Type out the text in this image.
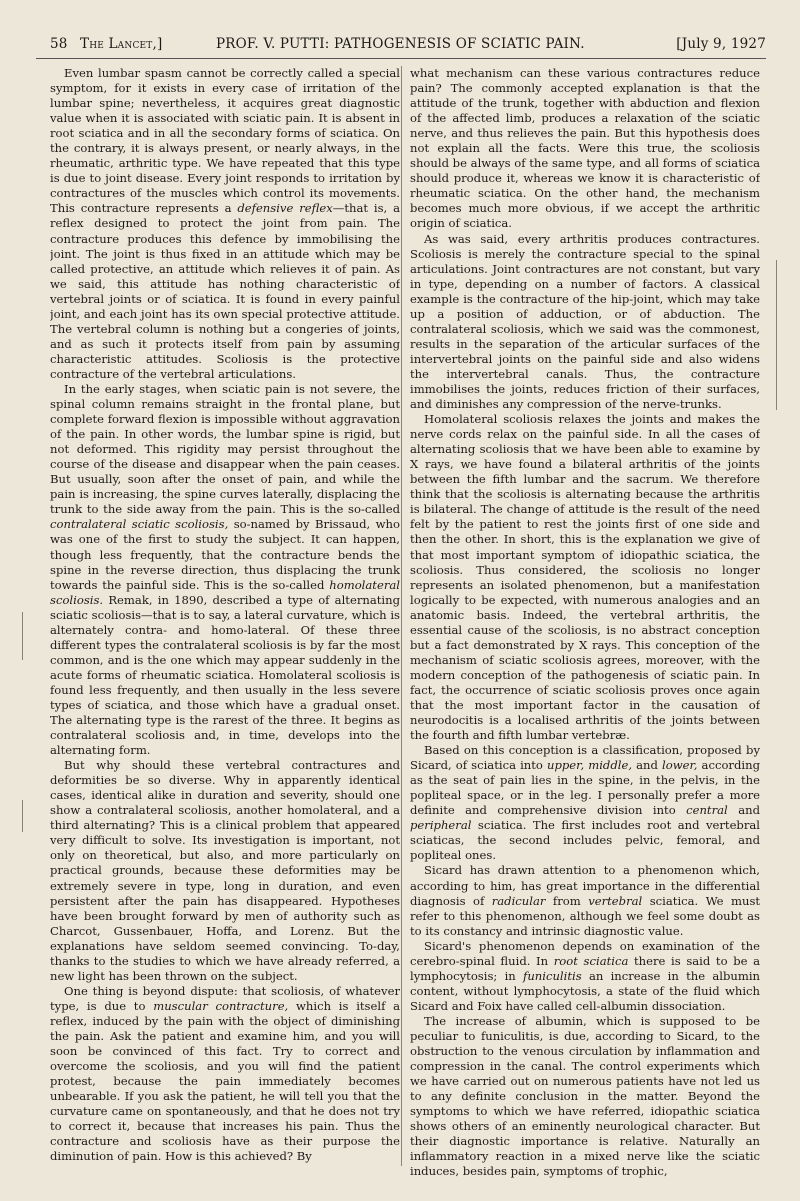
58 The Lancet,]	PROF. V. PUTTI: PATHOGENESIS OF SCIATIC PAIN.	[July 9, 1927

Even lumbar spasm cannot be correctly called a special symptom, for it exists in every case of irritation of the lumbar spine; nevertheless, it acquires great diagnostic value when it is associated with sciatic pain. It is absent in root sciatica and in all the secondary forms of sciatica. On the contrary, it is always present, or nearly always, in the rheumatic, arthritic type. We have repeated that this type is due to joint disease. Every joint responds to irritation by contractures of the muscles which control its movements. This contracture represents a defensive reflex—that is, a reflex designed to protect the joint from pain. The contracture produces this defence by immobilising the joint. The joint is thus fixed in an attitude which may be called protective, an attitude which relieves it of pain. As we said, this attitude has nothing characteristic of vertebral joints or of sciatica. It is found in every painful joint, and each joint has its own special protective attitude. The vertebral column is nothing but a congeries of joints, and as such it protects itself from pain by assuming characteristic attitudes. Scoliosis is the protective contracture of the vertebral articulations.

In the early stages, when sciatic pain is not severe, the spinal column remains straight in the frontal plane, but complete forward flexion is impossible without aggravation of the pain. In other words, the lumbar spine is rigid, but not deformed. This rigidity may persist throughout the course of the disease and disappear when the pain ceases. But usually, soon after the onset of pain, and while the pain is increasing, the spine curves laterally, displacing the trunk to the side away from the pain. This is the so-called contralateral sciatic scoliosis, so-named by Brissaud, who was one of the first to study the subject. It can happen, though less frequently, that the contracture bends the spine in the reverse direction, thus displacing the trunk towards the painful side. This is the so-called homolateral scoliosis. Remak, in 1890, described a type of alternating sciatic scoliosis—that is to say, a lateral curvature, which is alternately contra- and homo-lateral. Of these three different types the contralateral scoliosis is by far the most common, and is the one which may appear suddenly in the acute forms of rheumatic sciatica. Homolateral scoliosis is found less frequently, and then usually in the less severe types of sciatica, and those which have a gradual onset. The alternating type is the rarest of the three. It begins as contralateral scoliosis and, in time, develops into the alternating form.

But why should these vertebral contractures and deformities be so diverse. Why in apparently identical cases, identical alike in duration and severity, should one show a contralateral scoliosis, another homolateral, and a third alternating? This is a clinical problem that appeared very difficult to solve. Its investigation is important, not only on theoretical, but also, and more particularly on practical grounds, because these deformities may be extremely severe in type, long in duration, and even persistent after the pain has disappeared. Hypotheses have been brought forward by men of authority such as Charcot, Gussenbauer, Hoffa, and Lorenz. But the explanations have seldom seemed convincing. To-day, thanks to the studies to which we have already referred, a new light has been thrown on the subject.

One thing is beyond dispute: that scoliosis, of whatever type, is due to muscular contracture, which is itself a reflex, induced by the pain with the object of diminishing the pain. Ask the patient and examine him, and you will soon be convinced of this fact. Try to correct and overcome the scoliosis, and you will find the patient protest, because the pain immediately becomes unbearable. If you ask the patient, he will tell you that the curvature came on spontaneously, and that he does not try to correct it, because that increases his pain. Thus the contracture and scoliosis have as their purpose the diminution of pain. How is this achieved? By

what mechanism can these various contractures reduce pain? The commonly accepted explanation is that the attitude of the trunk, together with abduction and flexion of the affected limb, produces a relaxation of the sciatic nerve, and thus relieves the pain. But this hypothesis does not explain all the facts. Were this true, the scoliosis should be always of the same type, and all forms of sciatica should produce it, whereas we know it is characteristic of rheumatic sciatica. On the other hand, the mechanism becomes much more obvious, if we accept the arthritic origin of sciatica.

As was said, every arthritis produces contractures. Scoliosis is merely the contracture special to the spinal articulations. Joint contractures are not constant, but vary in type, depending on a number of factors. A classical example is the contracture of the hip-joint, which may take up a position of adduction, or of abduction. The contralateral scoliosis, which we said was the commonest, results in the separation of the articular surfaces of the intervertebral joints on the painful side and also widens the intervertebral canals. Thus, the contracture immobilises the joints, reduces friction of their surfaces, and diminishes any compression of the nerve-trunks.

Homolateral scoliosis relaxes the joints and makes the nerve cords relax on the painful side. In all the cases of alternating scoliosis that we have been able to examine by X rays, we have found a bilateral arthritis of the joints between the fifth lumbar and the sacrum. We therefore think that the scoliosis is alternating because the arthritis is bilateral. The change of attitude is the result of the need felt by the patient to rest the joints first of one side and then the other. In short, this is the explanation we give of that most important symptom of idiopathic sciatica, the scoliosis. Thus considered, the scoliosis no longer represents an isolated phenomenon, but a manifestation logically to be expected, with numerous analogies and an anatomic basis. Indeed, the vertebral arthritis, the essential cause of the scoliosis, is no abstract conception but a fact demonstrated by X rays. This conception of the mechanism of sciatic scoliosis agrees, moreover, with the modern conception of the pathogenesis of sciatic pain. In fact, the occurrence of sciatic scoliosis proves once again that the most important factor in the causation of neurodocitis is a localised arthritis of the joints between the fourth and fifth lumbar vertebræ.

Based on this conception is a classification, proposed by Sicard, of sciatica into upper, middle, and lower, according as the seat of pain lies in the spine, in the pelvis, in the popliteal space, or in the leg. I personally prefer a more definite and comprehensive division into central and peripheral sciatica. The first includes root and vertebral sciaticas, the second includes pelvic, femoral, and popliteal ones.

Sicard has drawn attention to a phenomenon which, according to him, has great importance in the differential diagnosis of radicular from vertebral sciatica. We must refer to this phenomenon, although we feel some doubt as to its constancy and intrinsic diagnostic value.

Sicard's phenomenon depends on examination of the cerebro-spinal fluid. In root sciatica there is said to be a lymphocytosis; in funiculitis an increase in the albumin content, without lymphocytosis, a state of the fluid which Sicard and Foix have called cell-albumin dissociation.

The increase of albumin, which is supposed to be peculiar to funiculitis, is due, according to Sicard, to the obstruction to the venous circulation by inflammation and compression in the canal. The control experiments which we have carried out on numerous patients have not led us to any definite conclusion in the matter. Beyond the symptoms to which we have referred, idiopathic sciatica shows others of an eminently neurological character. But their diagnostic importance is relative. Naturally an inflammatory reaction in a mixed nerve like the sciatic induces, besides pain, symptoms of trophic,
